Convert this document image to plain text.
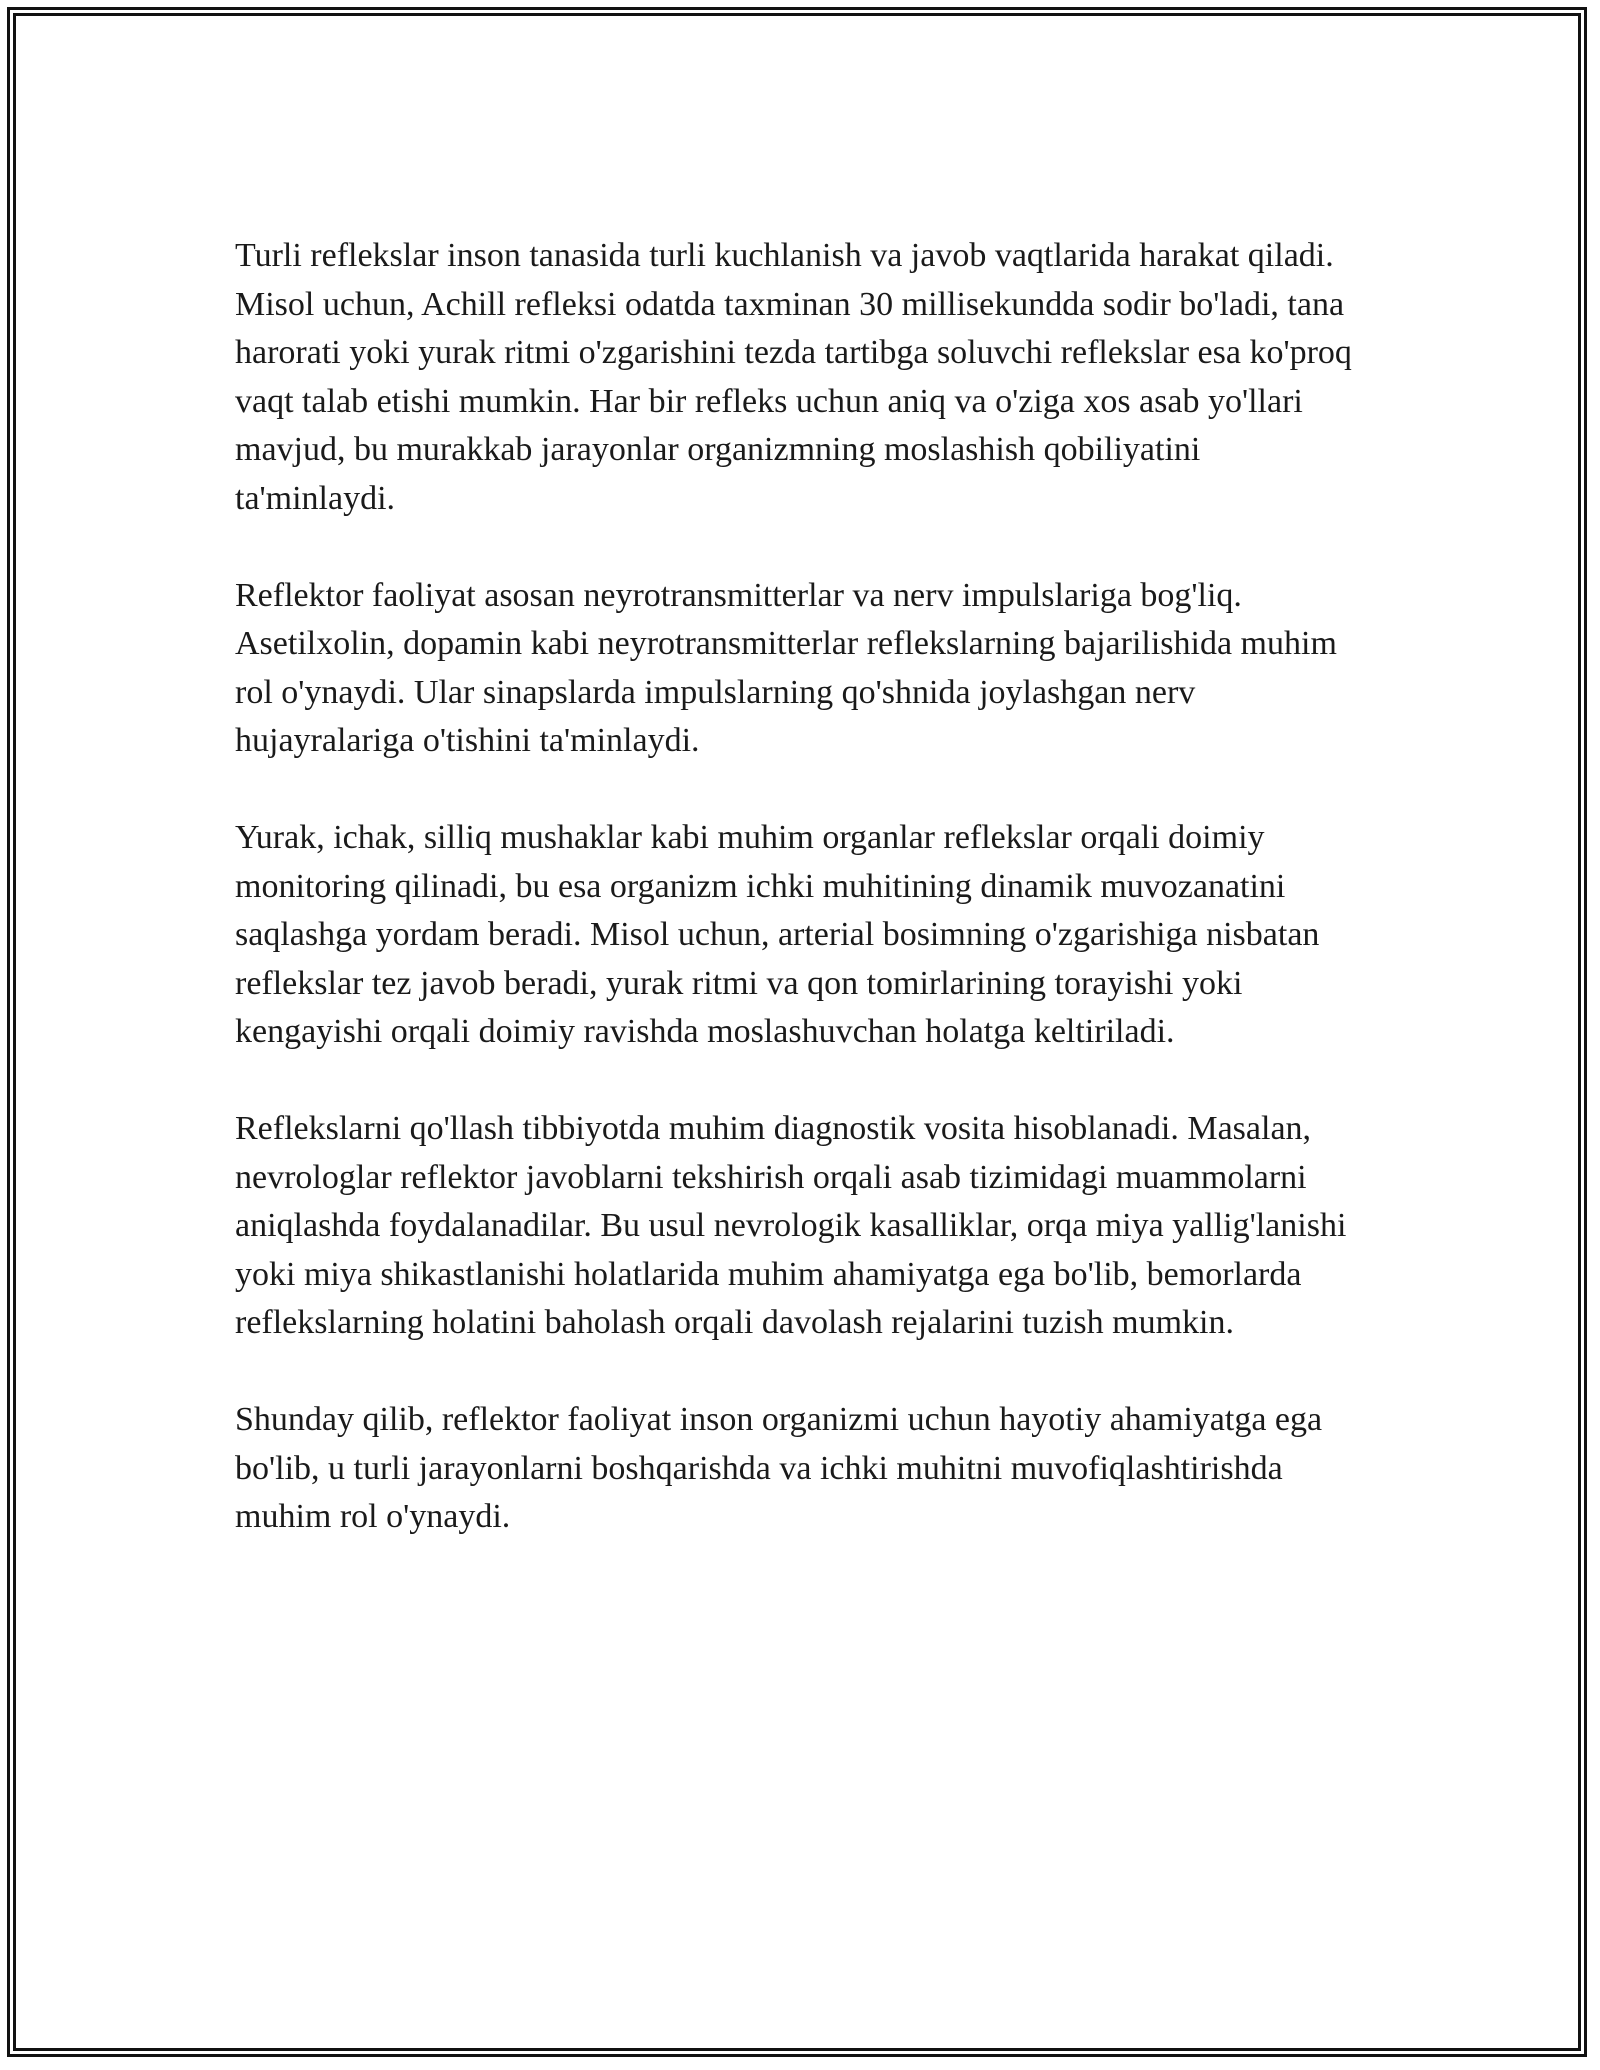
Turli reflekslar inson tanasida turli kuchlanish va javob vaqtlarida harakat qiladi. Misol uchun, Achill refleksi odatda taxminan 30 millisekundda sodir bo'ladi, tana harorati yoki yurak ritmi o'zgarishini tezda tartibga soluvchi reflekslar esa ko'proq vaqt talab etishi mumkin. Har bir refleks uchun aniq va o'ziga xos asab yo'llari mavjud, bu murakkab jarayonlar organizmning moslashish qobiliyatini ta'minlaydi.

Reflektor faoliyat asosan neyrotransmitterlar va nerv impulslariga bog'liq. Asetilxolin, dopamin kabi neyrotransmitterlar reflekslarning bajarilishida muhim rol o'ynaydi. Ular sinapslarda impulslarning qo'shnida joylashgan nerv hujayralariga o'tishini ta'minlaydi.

Yurak, ichak, silliq mushaklar kabi muhim organlar reflekslar orqali doimiy monitoring qilinadi, bu esa organizm ichki muhitining dinamik muvozanatini saqlashga yordam beradi. Misol uchun, arterial bosimning o'zgarishiga nisbatan reflekslar tez javob beradi, yurak ritmi va qon tomirlarining torayishi yoki kengayishi orqali doimiy ravishda moslashuvchan holatga keltiriladi.

Reflekslarni qo'llash tibbiyotda muhim diagnostik vosita hisoblanadi. Masalan, nevrologlar reflektor javoblarni tekshirish orqali asab tizimidagi muammolarni aniqlashda foydalanadilar. Bu usul nevrologik kasalliklar, orqa miya yallig'lanishi yoki miya shikastlanishi holatlarida muhim ahamiyatga ega bo'lib, bemorlarda reflekslarning holatini baholash orqali davolash rejalarini tuzish mumkin.

Shunday qilib, reflektor faoliyat inson organizmi uchun hayotiy ahamiyatga ega bo'lib, u turli jarayonlarni boshqarishda va ichki muhitni muvofiqlashtirishda muhim rol o'ynaydi.
